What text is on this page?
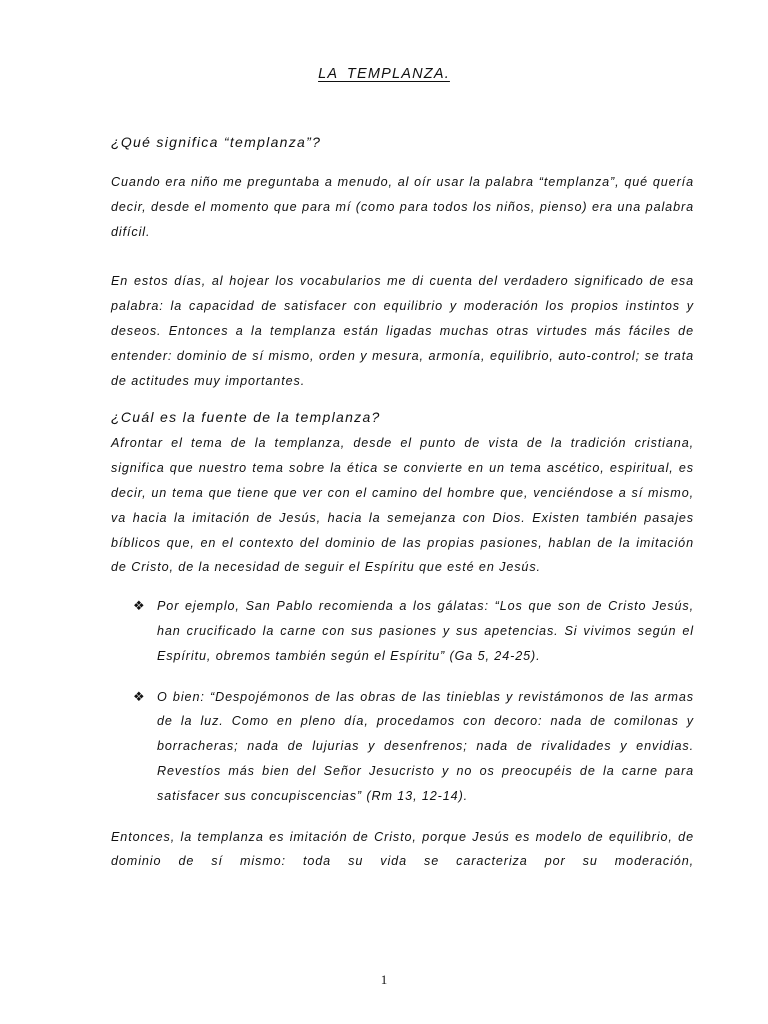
LA TEMPLANZA.

¿Qué significa “templanza”?

Cuando era niño me preguntaba a menudo, al oír usar la palabra “templanza”, qué quería decir, desde el momento que para mí (como para todos los niños, pienso) era una palabra difícil.

En estos días, al hojear los vocabularios me di cuenta del verdadero significado de esa palabra: la capacidad de satisfacer con equilibrio y moderación los propios instintos y deseos. Entonces a la templanza están ligadas muchas otras virtudes más fáciles de entender: dominio de sí mismo, orden y mesura, armonía, equilibrio, auto-control; se trata de actitudes muy importantes.

¿Cuál es la fuente de la templanza?

Afrontar el tema de la templanza, desde el punto de vista de la tradición cristiana, significa que nuestro tema sobre la ética se convierte en un tema ascético, espiritual, es decir, un tema que tiene que ver con el camino del hombre que, venciéndose a sí mismo, va hacia la imitación de Jesús, hacia la semejanza con Dios. Existen también pasajes bíblicos que, en el contexto del dominio de las propias pasiones, hablan de la imitación de Cristo, de la necesidad de seguir el Espíritu que esté en Jesús.

❖ Por ejemplo, San Pablo recomienda a los gálatas: “Los que son de Cristo Jesús, han crucificado la carne con sus pasiones y sus apetencias. Si vivimos según el Espíritu, obremos también según el Espíritu” (Ga 5, 24-25).

❖ O bien: “Despojémonos de las obras de las tinieblas y revistámonos de las armas de la luz. Como en pleno día, procedamos con decoro: nada de comilonas y borracheras; nada de lujurias y desenfrenos; nada de rivalidades y envidias. Revestíos más bien del Señor Jesucristo y no os preocupéis de la carne para satisfacer sus concupiscencias” (Rm 13, 12-14).

Entonces, la templanza es imitación de Cristo, porque Jesús es modelo de equilibrio, de dominio de sí mismo: toda su vida se caracteriza por su moderación,

1
